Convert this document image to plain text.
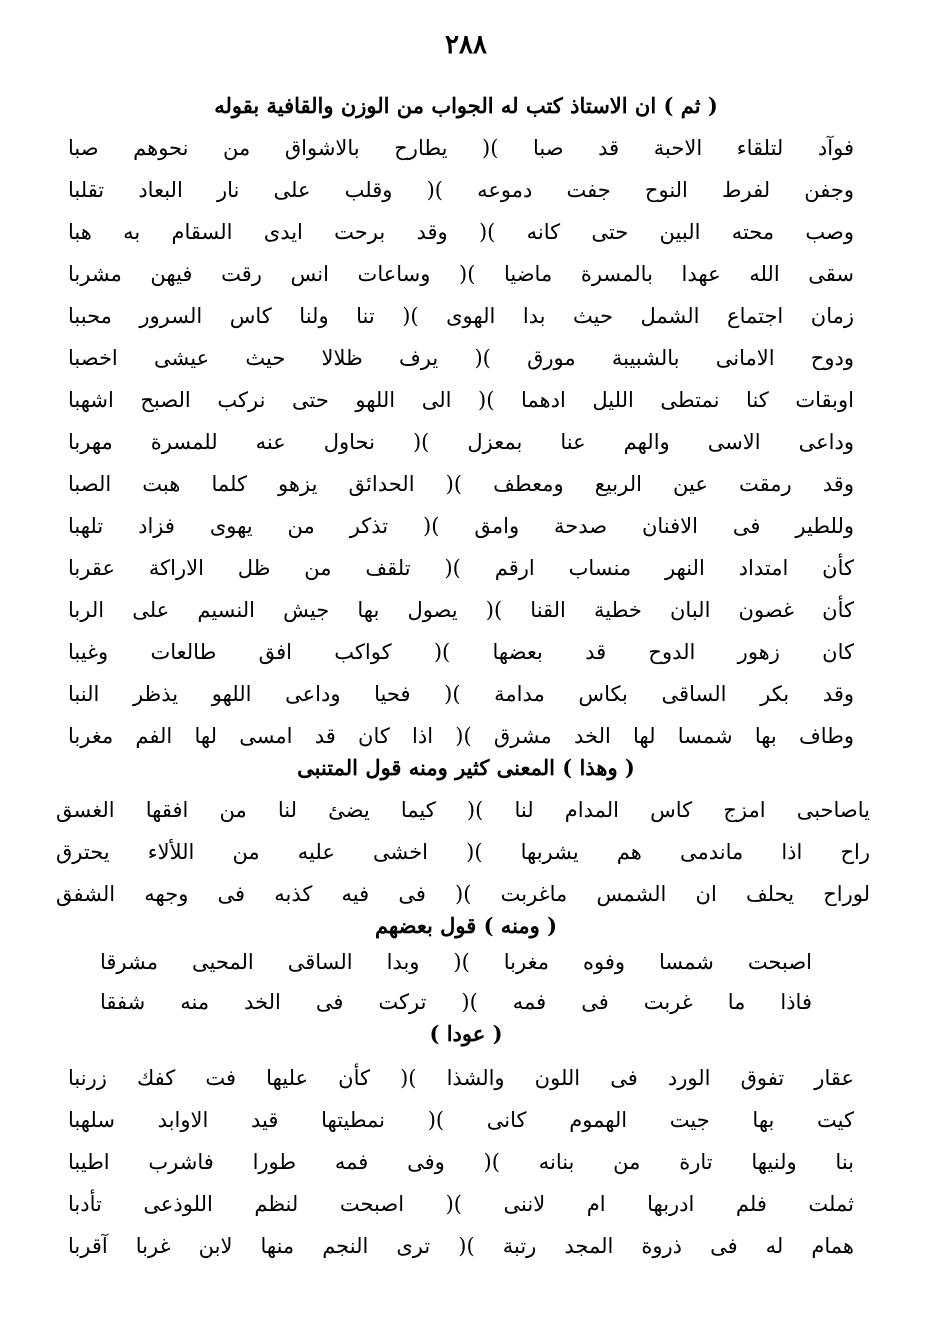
٢٨٨
( ثم ) ان الاستاذ كتب له الجواب من الوزن والقافية بقوله
فوآد لتلقاء الاحبة قد صبا )( يطارح بالاشواق من نحوهم صبا
وجفن لفرط النوح جفت دموعه )( وقلب على نار البعاد تقلبا
وصب محته البين حتى كانه )( وقد برحت ايدى السقام به هبا
سقى الله عهدا بالمسرة ماضيا )( وساعات انس رقت فيهن مشربا
زمان اجتماع الشمل حيث بدا الهوى )( تنا ولنا كاس السرور محببا
ودوح الامانى بالشبيبة مورق )( يرف ظلالا حيث عيشى اخصبا
اوبقات كنا نمتطى الليل ادهما )( الى اللهو حتى نركب الصبح اشهبا
وداعى الاسى والهم عنا بمعزل )( نحاول عنه للمسرة مهربا
وقد رمقت عين الربيع ومعطف )( الحدائق يزهو كلما هبت الصبا
وللطير فى الافنان صدحة وامق )( تذكر من يهوى فزاد تلهبا
كأن امتداد النهر منساب ارقم )( تلقف من ظل الاراكة عقربا
كأن غصون البان خطية القنا )( يصول بها جيش النسيم على الربا
كان زهور الدوح قد بعضها )( كواكب افق طالعات وغيبا
وقد بكر الساقى بكاس مدامة )( فحيا وداعى اللهو يذظر النبا
وطاف بها شمسا لها الخد مشرق )( اذا كان قد امسى لها الفم مغربا
( وهذا ) المعنى كثير ومنه قول المتنبى
ياصاحبى امزج كاس المدام لنا )( كيما يضئ لنا من افقها الغسق
راح اذا ماندمى هم يشربها )( اخشى عليه من اللألاء يحترق
لوراح يحلف ان الشمس ماغربت )( فى فيه كذبه فى وجهه الشفق
( ومنه ) قول بعضهم
اصبحت شمسا وفوه مغربا )( وبدا الساقى المحيى مشرقا
فاذا ما غربت فى فمه )( تركت فى الخد منه شفقا
( عودا )
عقار تفوق الورد فى اللون والشذا )( كأن عليها فت كفك زرنبا
كيت بها جيت الهموم كانى )( نمطيتها قيد الاوابد سلهبا
بنا ولنيها تارة من بنانه )( وفى فمه طورا فاشرب اطيبا
ثملت فلم ادربها ام لاننى )( اصبحت لنظم اللوذعى تأدبا
همام له فى ذروة المجد رتبة )( ترى النجم منها لابن غربا آقربا
